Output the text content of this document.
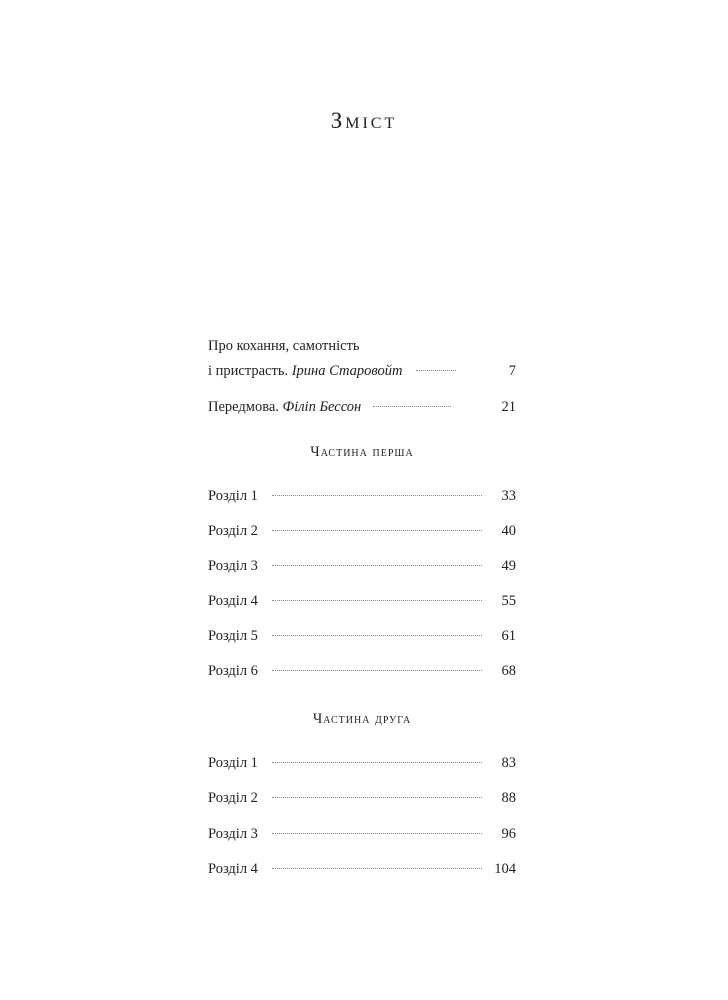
Зміст
Про кохання, самотність
і пристрасть. Ірина Старовойт	7
Передмова. Філіп Бессон	21
Частина перша
Розділ 1	33
Розділ 2	40
Розділ 3	49
Розділ 4	55
Розділ 5	61
Розділ 6	68
Частина друга
Розділ 1	83
Розділ 2	88
Розділ 3	96
Розділ 4	104
